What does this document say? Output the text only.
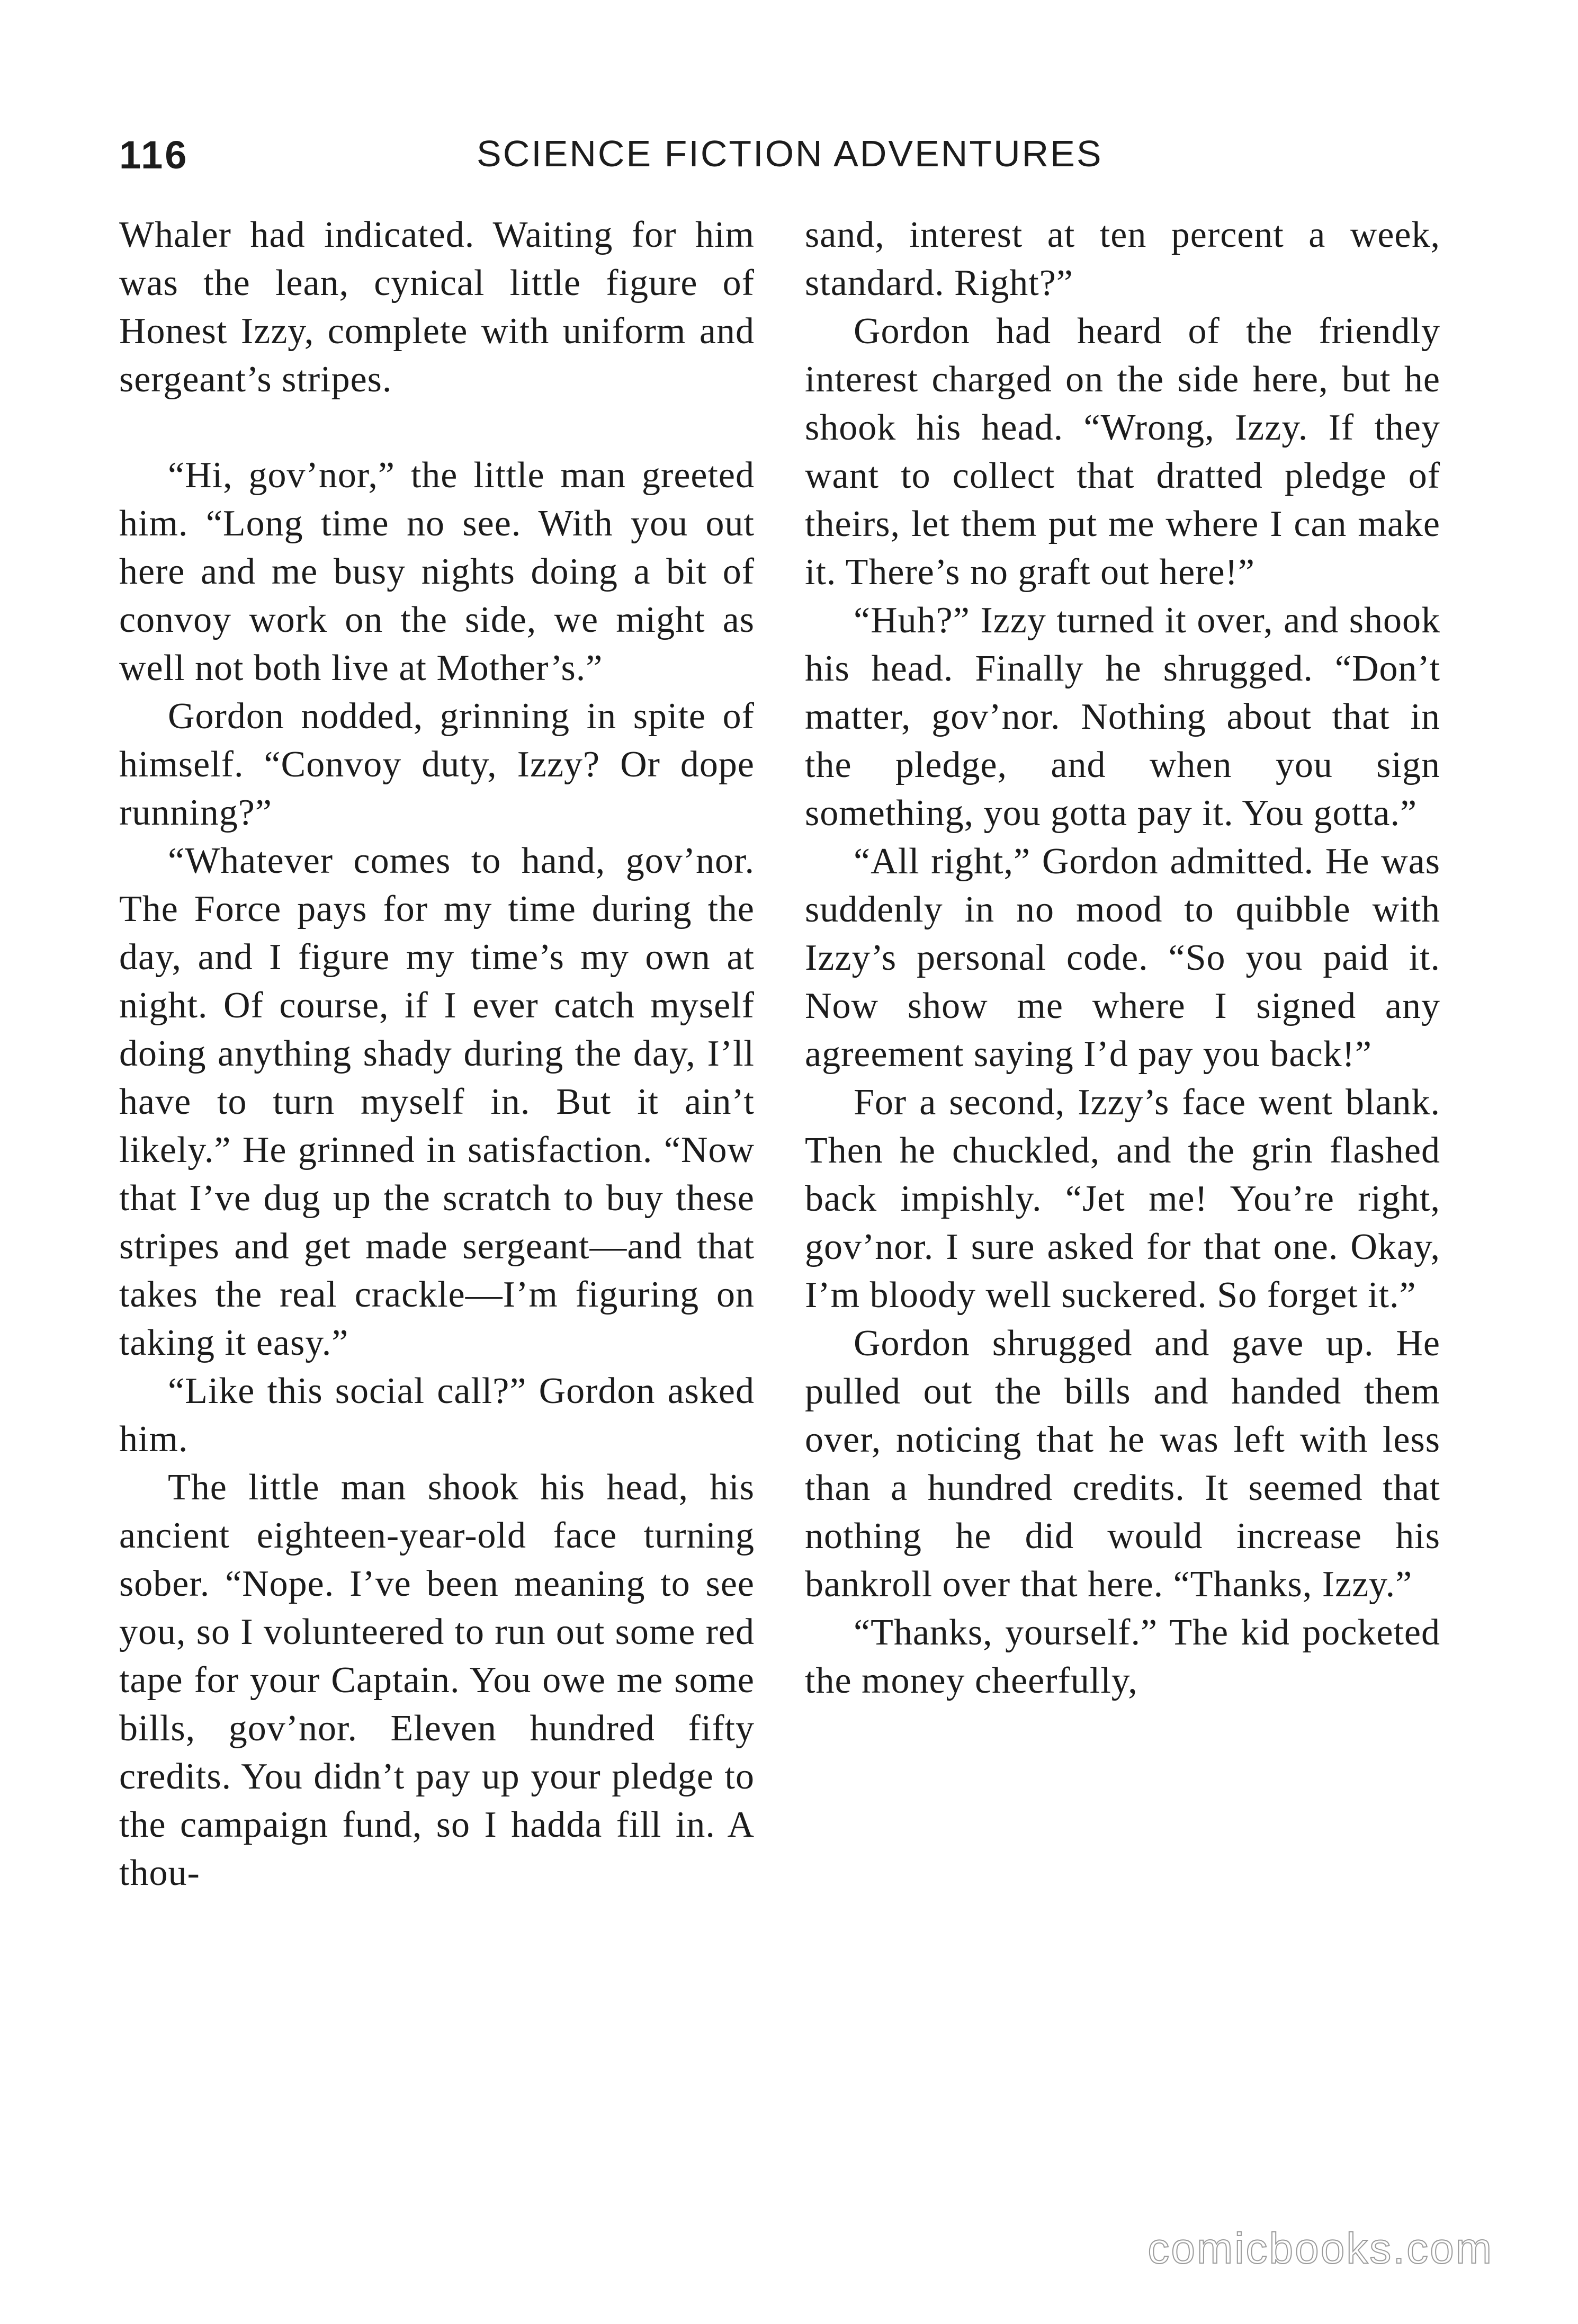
116	SCIENCE FICTION ADVENTURES

Whaler had indicated. Waiting for him was the lean, cynical little figure of Honest Izzy, complete with uniform and sergeant’s stripes.

“Hi, gov’nor,” the little man greeted him. “Long time no see. With you out here and me busy nights doing a bit of convoy work on the side, we might as well not both live at Mother’s.”

Gordon nodded, grinning in spite of himself. “Convoy duty, Izzy? Or dope running?”

“Whatever comes to hand, gov’nor. The Force pays for my time during the day, and I figure my time’s my own at night. Of course, if I ever catch myself doing anything shady during the day, I’ll have to turn myself in. But it ain’t likely.” He grinned in satisfaction. “Now that I’ve dug up the scratch to buy these stripes and get made sergeant—and that takes the real crackle—I’m figuring on taking it easy.”

“Like this social call?” Gordon asked him.

The little man shook his head, his ancient eighteen-year-old face turning sober. “Nope. I’ve been meaning to see you, so I volunteered to run out some red tape for your Captain. You owe me some bills, gov’nor. Eleven hundred fifty credits. You didn’t pay up your pledge to the campaign fund, so I hadda fill in. A thou-

sand, interest at ten percent a week, standard. Right?”

Gordon had heard of the friendly interest charged on the side here, but he shook his head. “Wrong, Izzy. If they want to collect that dratted pledge of theirs, let them put me where I can make it. There’s no graft out here!”

“Huh?” Izzy turned it over, and shook his head. Finally he shrugged. “Don’t matter, gov’nor. Nothing about that in the pledge, and when you sign something, you gotta pay it. You gotta.”

“All right,” Gordon admitted. He was suddenly in no mood to quibble with Izzy’s personal code. “So you paid it. Now show me where I signed any agreement saying I’d pay you back!”

For a second, Izzy’s face went blank. Then he chuckled, and the grin flashed back impishly. “Jet me! You’re right, gov’nor. I sure asked for that one. Okay, I’m bloody well suckered. So forget it.”

Gordon shrugged and gave up. He pulled out the bills and handed them over, noticing that he was left with less than a hundred credits. It seemed that nothing he did would increase his bankroll over that here. “Thanks, Izzy.”

“Thanks, yourself.” The kid pocketed the money cheerfully,

comicbooks.com
